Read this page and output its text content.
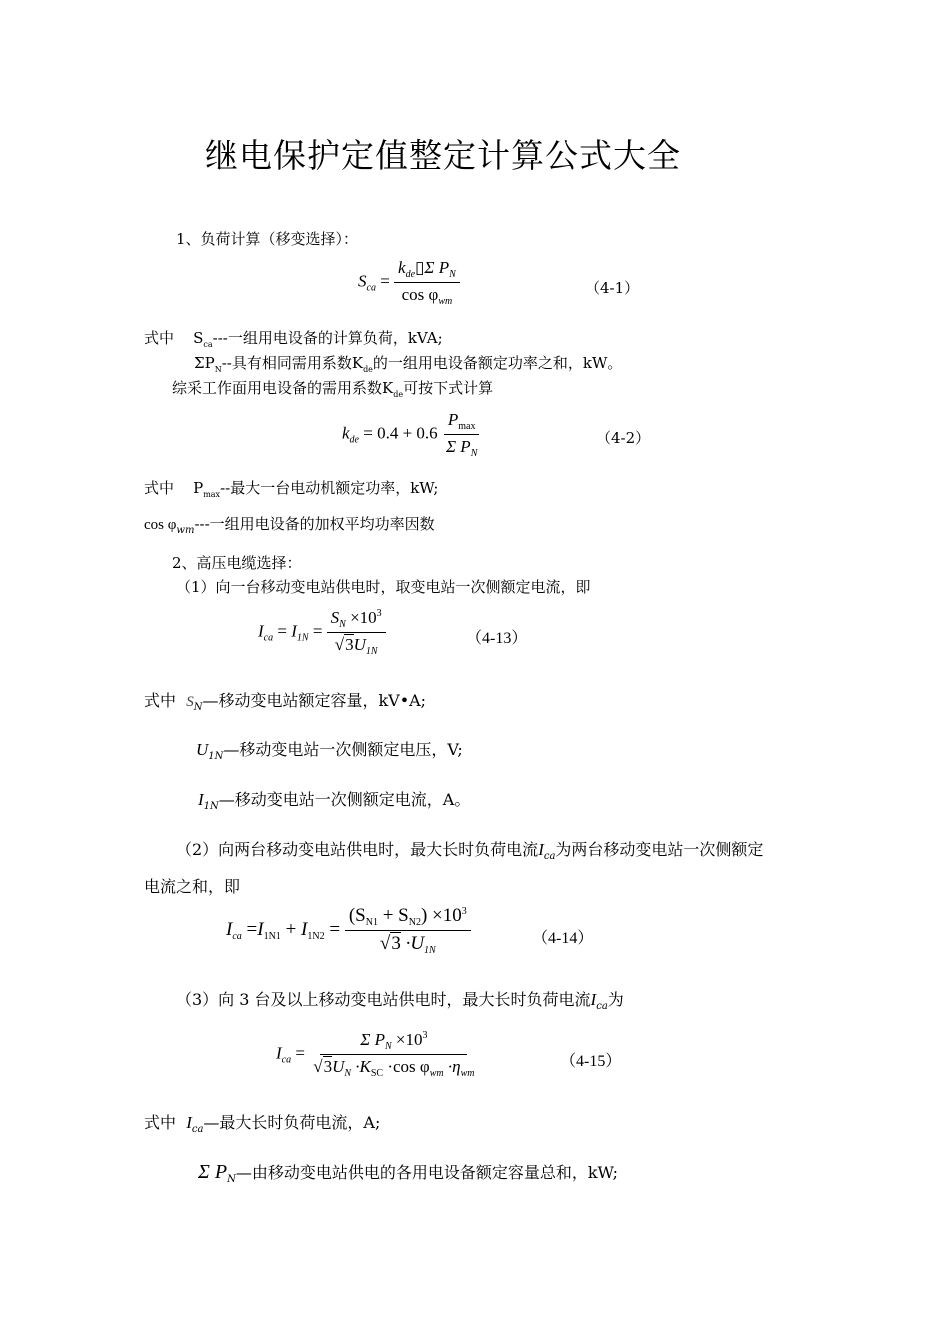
继电保护定值整定计算公式大全
1、负荷计算（移变选择）：
$S_{ca} = \frac{k_{de}▯\Sigma P_N}{\cos \varphi_{wm}}$	（4-1）
式中 $S_{ca}---$一组用电设备的计算负荷，kVA;
$\Sigma P_N--$具有相同需用系数$K_{de}$的一组用电设备额定功率之和，kW。
综采工作面用电设备的需用系数$K_{de}$可按下式计算
$k_{de} = 0.4 + 0.6 \frac{P_{max}}{\Sigma P_N}$	（4-2）
式中 $P_{max}--$最大一台电动机额定功率，kW;
$\cos \varphi_{wm}---$一组用电设备的加权平均功率因数
2、高压电缆选择：
（1）向一台移动变电站供电时，取变电站一次侧额定电流，即
$I_{ca} = I_{1N} = \frac{S_N \times 10^3}{√3U_{1N}}$	（4-13）
式中 $S_N—$移动变电站额定容量，kV•A;
$U_{1N}—$移动变电站一次侧额定电压，V;
$I_{1N}—$移动变电站一次侧额定电流，A。
（2）向两台移动变电站供电时，最大长时负荷电流$I_{ca}$为两台移动变电站一次侧额定
电流之和，即
$I_{ca} =I_{1N1} + I_{1N2} = \frac{(S_{N1} + S_{N2}) \times 10^3}{√3 \cdot U_{1N}}$	（4-14）
（3）向 3 台及以上移动变电站供电时，最大长时负荷电流$I_{ca}$为
$I_{ca} = \frac{\Sigma P_N \times 10^3}{√3U_N \cdot K_{SC} \cdot\cos \varphi_{wm} \cdot\eta_{wm}}$	（4-15）
式中 $I_{ca}—$最大长时负荷电流，A;
Σ $P_N—$由移动变电站供电的各用电设备额定容量总和，kW;
